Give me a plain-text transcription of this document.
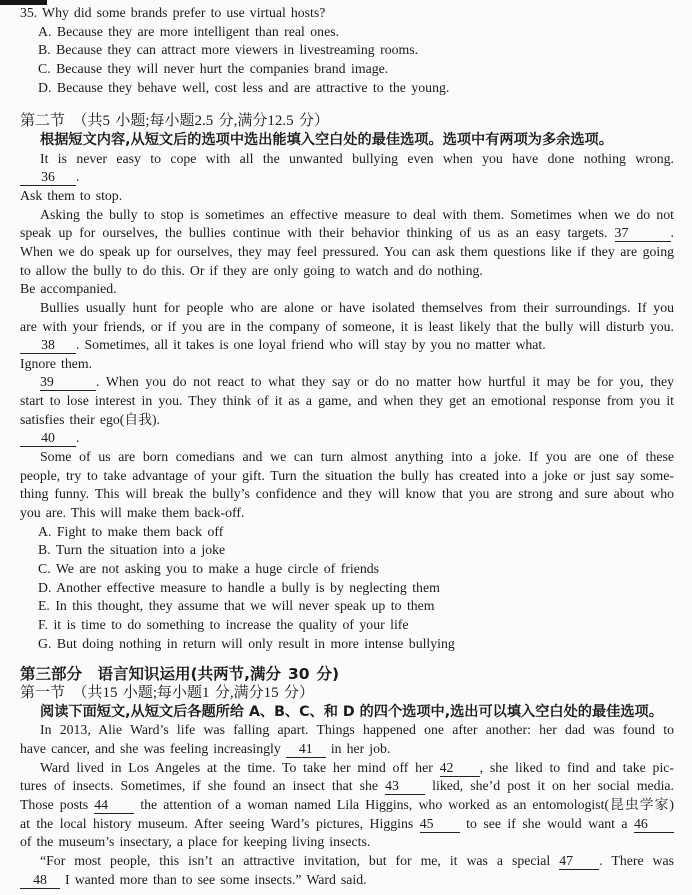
35. Why did some brands prefer to use virtual hosts?
A. Because they are more intelligent than real ones.
B. Because they can attract more viewers in livestreaming rooms.
C. Because they will never hurt the companies brand image.
D. Because they behave well, cost less and are attractive to the young.
第二节　（共5 小题;每小题2.5 分,满分12.5 分）
根据短文内容,从短文后的选项中选出能填入空白处的最佳选项。选项中有两项为多余选项。
It is never easy to cope with all the unwanted bullying even when you have done nothing wrong.
36 .
Ask them to stop.
Asking the bully to stop is sometimes an effective measure to deal with them. Sometimes when we do not
speak up for ourselves, the bullies continue with their behavior thinking of us as an easy targets. 37	.
When we do speak up for ourselves, they may feel pressured. You can ask them questions like if they are going
to allow the bully to do this. Or if they are only going to watch and do nothing.
Be accompanied.
Bullies usually hunt for people who are alone or have isolated themselves from their surroundings. If you
are with your friends, or if you are in the company of someone, it is least likely that the bully will disturb you.
38 . Sometimes, all it takes is one loyal friend who will stay by you no matter what.
Ignore them.
39	. When you do not react to what they say or do no matter how hurtful it may be for you, they
start to lose interest in you. They think of it as a game, and when they get an emotional response from you it
satisfies their ego(自我).
40 .
Some of us are born comedians and we can turn almost anything into a joke. If you are one of these
people, try to take advantage of your gift. Turn the situation the bully has created into a joke or just say some-
thing funny. This will break the bully’s confidence and they will know that you are strong and sure about who
you are. This will make them back-off.
A. Fight to make them back off
B. Turn the situation into a joke
C. We are not asking you to make a huge circle of friends
D. Another effective measure to handle a bully is by neglecting them
E. In this thought, they assume that we will never speak up to them
F. it is time to do something to increase the quality of your life
G. But doing nothing in return will only result in more intense bullying
第三部分　语言知识运用(共两节,满分 30 分)
第一节　（共15 小题;每小题1 分,满分15 分）
阅读下面短文,从短文后各题所给 A、B、C、和 D 的四个选项中,选出可以填入空白处的最佳选项。
In 2013, Alie Ward’s life was falling apart. Things happened one after another: her dad was found to
have cancer, and she was feeling increasingly 41 in her job.
Ward lived in Los Angeles at the time. To take her mind off her 42 , she liked to find and take pic-
tures of insects. Sometimes, if she found an insect that she 43 liked, she’d post it on her social media.
Those posts 44 the attention of a woman named Lila Higgins, who worked as an entomologist(昆虫学家)
at the local history museum. After seeing Ward’s pictures, Higgins 45 to see if she would want a 46
of the museum’s insectary, a place for keeping living insects.
“For most people, this isn’t an attractive invitation, but for me, it was a special 47 . There was
48 I wanted more than to see some insects.” Ward said.
